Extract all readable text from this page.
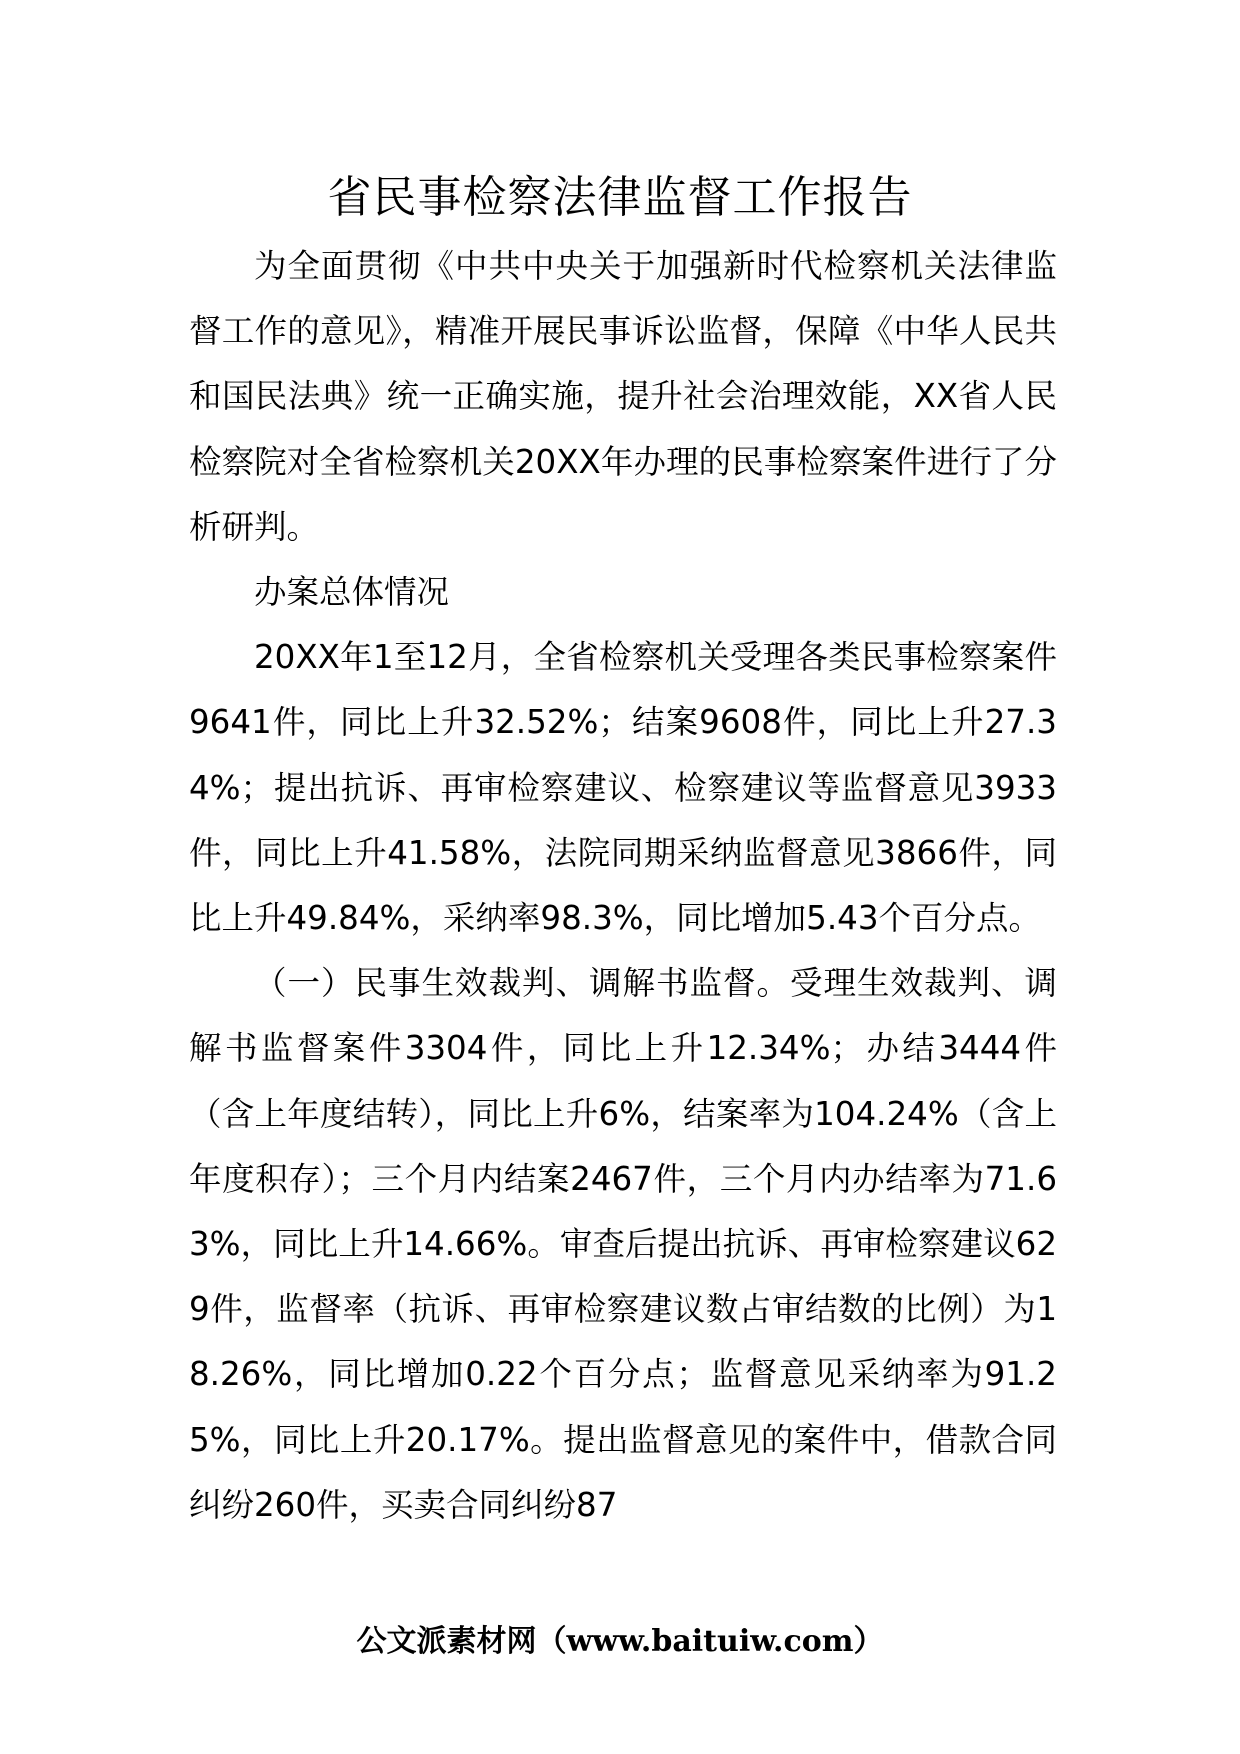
省民事检察法律监督工作报告

为全面贯彻《中共中央关于加强新时代检察机关法律监督工作的意见》，精准开展民事诉讼监督，保障《中华人民共和国民法典》统一正确实施，提升社会治理效能，XX省人民检察院对全省检察机关20XX年办理的民事检察案件进行了分析研判。

办案总体情况

20XX年1至12月，全省检察机关受理各类民事检察案件9641件，同比上升32.52%；结案9608件，同比上升27.34%；提出抗诉、再审检察建议、检察建议等监督意见3933件，同比上升41.58%，法院同期采纳监督意见3866件，同比上升49.84%，采纳率98.3%，同比增加5.43个百分点。

（一）民事生效裁判、调解书监督。受理生效裁判、调解书监督案件3304件，同比上升12.34%；办结3444件（含上年度结转），同比上升6%，结案率为104.24%（含上年度积存）；三个月内结案2467件，三个月内办结率为71.63%，同比上升14.66%。审查后提出抗诉、再审检察建议629件，监督率（抗诉、再审检察建议数占审结数的比例）为18.26%，同比增加0.22个百分点；监督意见采纳率为91.25%，同比上升20.17%。提出监督意见的案件中，借款合同纠纷260件，买卖合同纠纷87

公文派素材网（www.baituiw.com）
